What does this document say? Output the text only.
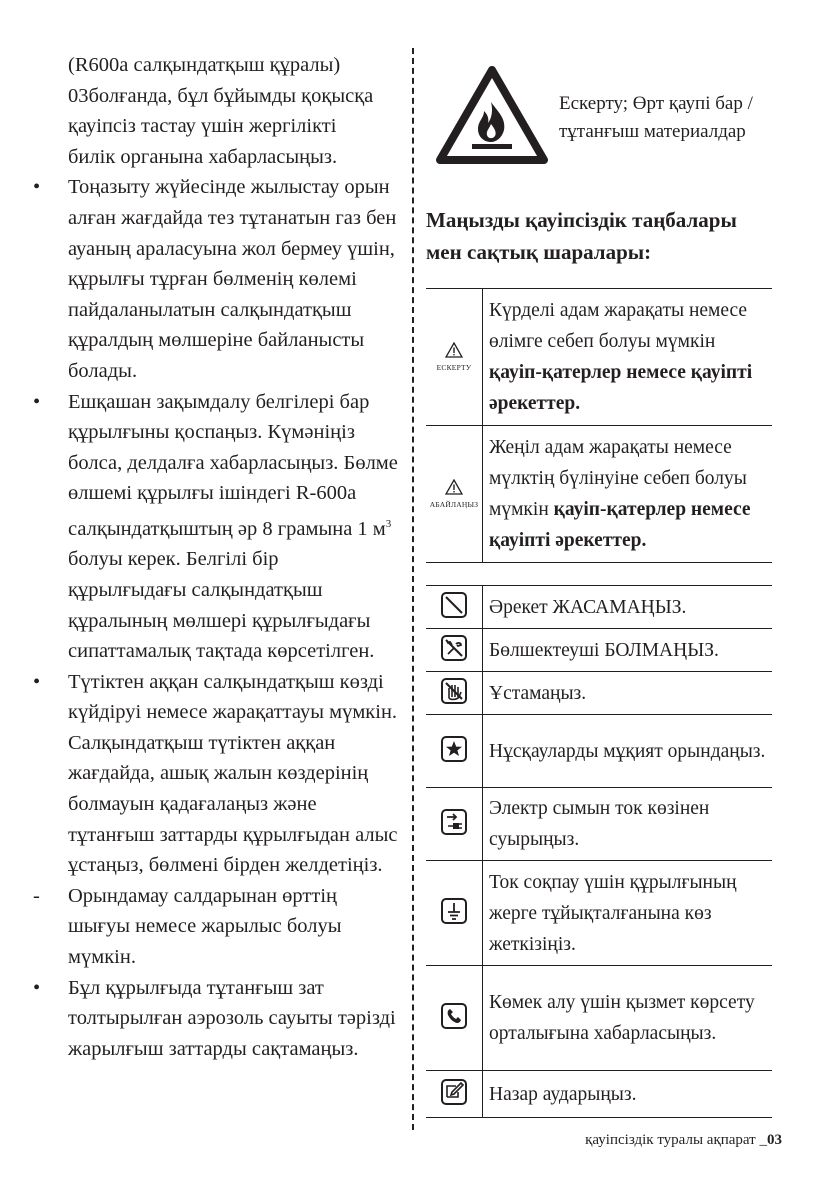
(R600а салқындатқыш құралы)
03болғанда, бұл бұйымды қоқысқа
қауіпсіз тастау үшін жергілікті
билік органына хабарласыңыз.

•	Тоңазыту жүйесінде жылыстау орын алған жағдайда тез тұтанатын газ бен ауаның араласуына жол бермеу үшін, құрылғы тұрған бөлменің көлемі пайдаланылатын салқындатқыш құралдың мөлшеріне байланысты болады.

•	Ешқашан зақымдалу белгілері бар құрылғыны қоспаңыз. Күмәніңіз болса, делдалға хабарласыңыз. Бөлме өлшемі құрылғы ішіндегі R-600а салқындатқыштың әр 8 грамына 1 $м^3$ болуы керек. Белгілі бір құрылғыдағы салқындатқыш құралының мөлшері құрылғыдағы сипаттамалық тақтада көрсетілген.

•	Түтіктен аққан салқындатқыш көзді күйдіруі немесе жарақаттауы мүмкін. Салқындатқыш түтіктен аққан жағдайда, ашық жалын көздерінің болмауын қадағалаңыз және тұтанғыш заттарды құрылғыдан алыс ұстаңыз, бөлмені бірден желдетіңіз.

-	Орындамау салдарынан өрттің шығуы немесе жарылыс болуы мүмкін.

•	Бұл құрылғыда тұтанғыш зат толтырылған аэрозоль сауыты тәрізді жарылғыш заттарды сақтамаңыз.

Ескерту; Өрт қаупі бар /
тұтанғыш материалдар
Маңызды қауіпсіздік таңбалары
мен сақтық шаралары:
ЕСКЕРТУ	Күрделі адам жарақаты немесе өлімге себеп болуы мүмкін қауіп-қатерлер немесе қауіпті әрекеттер.

АБАЙЛАҢЫЗ	Жеңіл адам жарақаты немесе мүлктің бүлінуіне себеп болуы мүмкін қауіп-қатерлер немесе қауіпті әрекеттер.
	Әрекет ЖАСАМАҢЫЗ.
	Бөлшектеуші БОЛМАҢЫЗ.
	Ұстамаңыз.
	Нұсқауларды мұқият орындаңыз.
	Электр сымын ток көзінен суырыңыз.
	Ток соқпау үшін құрылғының жерге тұйықталғанына көз жеткізіңіз.
	Көмек алу үшін қызмет көрсету орталығына хабарласыңыз.
	Назар аударыңыз.
қауіпсіздік туралы ақпарат _03
